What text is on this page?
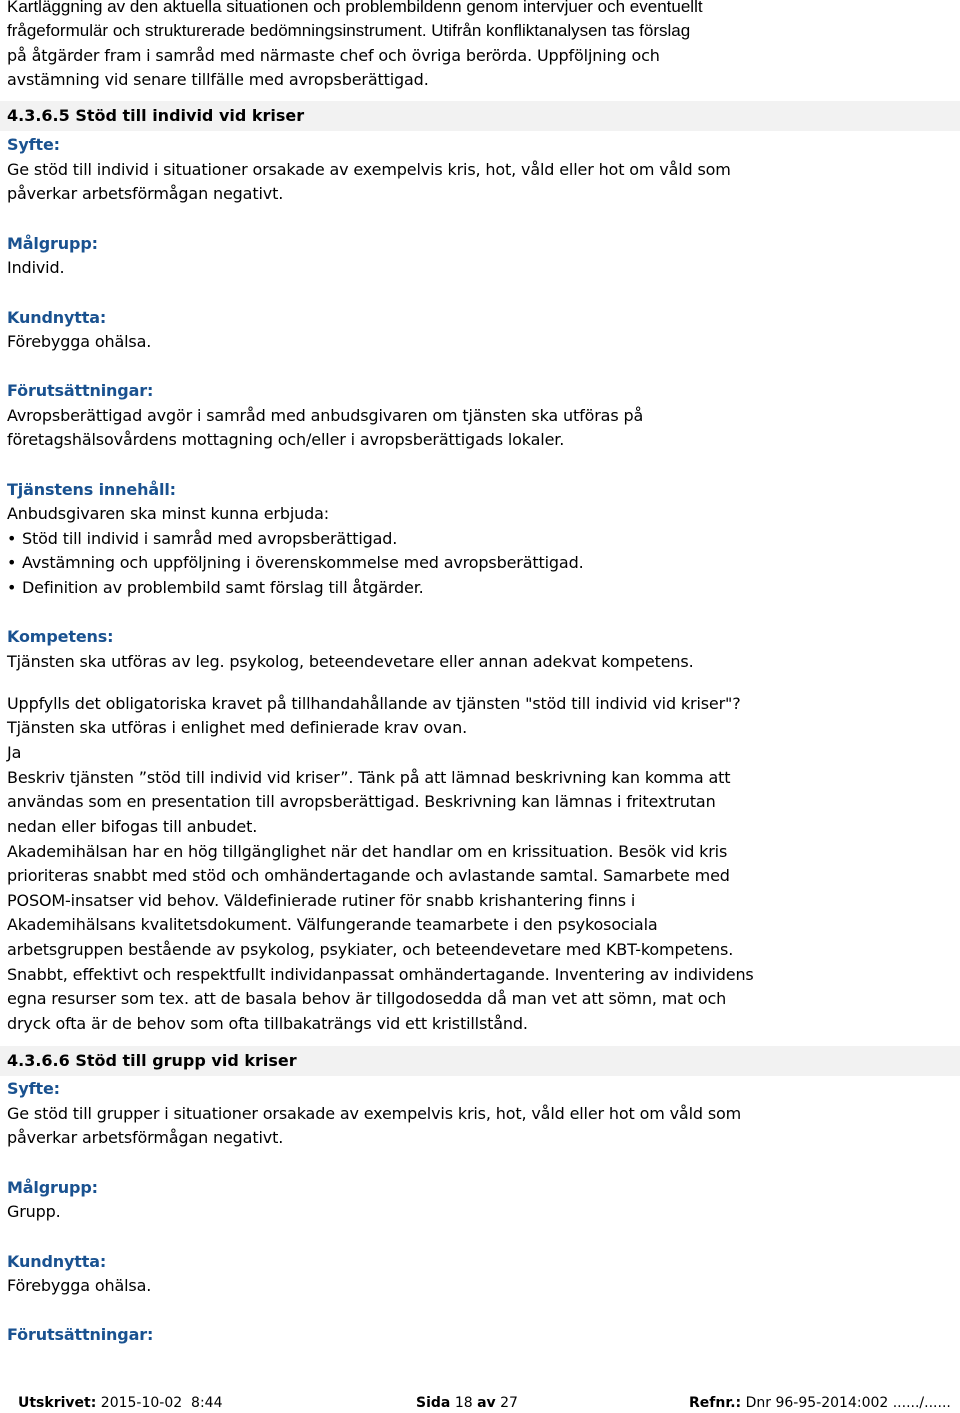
Kartläggning av den aktuella situationen och problembildenn genom intervjuer och eventuellt
frågeformulär och strukturerade bedömningsinstrument. Utifrån konfliktanalysen tas förslag
på åtgärder fram i samråd med närmaste chef och övriga berörda. Uppföljning och
avstämning vid senare tillfälle med avropsberättigad.
4.3.6.5 Stöd till individ vid kriser
Syfte:
Ge stöd till individ i situationer orsakade av exempelvis kris, hot, våld eller hot om våld som
påverkar arbetsförmågan negativt.
Målgrupp:
Individ.
Kundnytta:
Förebygga ohälsa.
Förutsättningar:
Avropsberättigad avgör i samråd med anbudsgivaren om tjänsten ska utföras på
företagshälsovårdens mottagning och/eller i avropsberättigads lokaler.
Tjänstens innehåll:
Anbudsgivaren ska minst kunna erbjuda:
• Stöd till individ i samråd med avropsberättigad.
• Avstämning och uppföljning i överenskommelse med avropsberättigad.
• Definition av problembild samt förslag till åtgärder.
Kompetens:
Tjänsten ska utföras av leg. psykolog, beteendevetare eller annan adekvat kompetens.
Uppfylls det obligatoriska kravet på tillhandahållande av tjänsten "stöd till individ vid kriser"?
Tjänsten ska utföras i enlighet med definierade krav ovan.
Ja
Beskriv tjänsten ”stöd till individ vid kriser”. Tänk på att lämnad beskrivning kan komma att
användas som en presentation till avropsberättigad. Beskrivning kan lämnas i fritextrutan
nedan eller bifogas till anbudet.
Akademihälsan har en hög tillgänglighet när det handlar om en krissituation. Besök vid kris
prioriteras snabbt med stöd och omhändertagande och avlastande samtal. Samarbete med
POSOM-insatser vid behov. Väldefinierade rutiner för snabb krishantering finns i
Akademihälsans kvalitetsdokument. Välfungerande teamarbete i den psykosociala
arbetsgruppen bestående av psykolog, psykiater, och beteendevetare med KBT-kompetens.
Snabbt, effektivt och respektfullt individanpassat omhändertagande. Inventering av individens
egna resurser som tex. att de basala behov är tillgodosedda då man vet att sömn, mat och
dryck ofta är de behov som ofta tillbakaträngs vid ett kristillstånd.
4.3.6.6 Stöd till grupp vid kriser
Syfte:
Ge stöd till grupper i situationer orsakade av exempelvis kris, hot, våld eller hot om våld som
påverkar arbetsförmågan negativt.
Målgrupp:
Grupp.
Kundnytta:
Förebygga ohälsa.
Förutsättningar:
Utskrivet: 2015-10-02  8:44	Sida 18 av 27	Refnr.: Dnr 96-95-2014:002 ....../......
